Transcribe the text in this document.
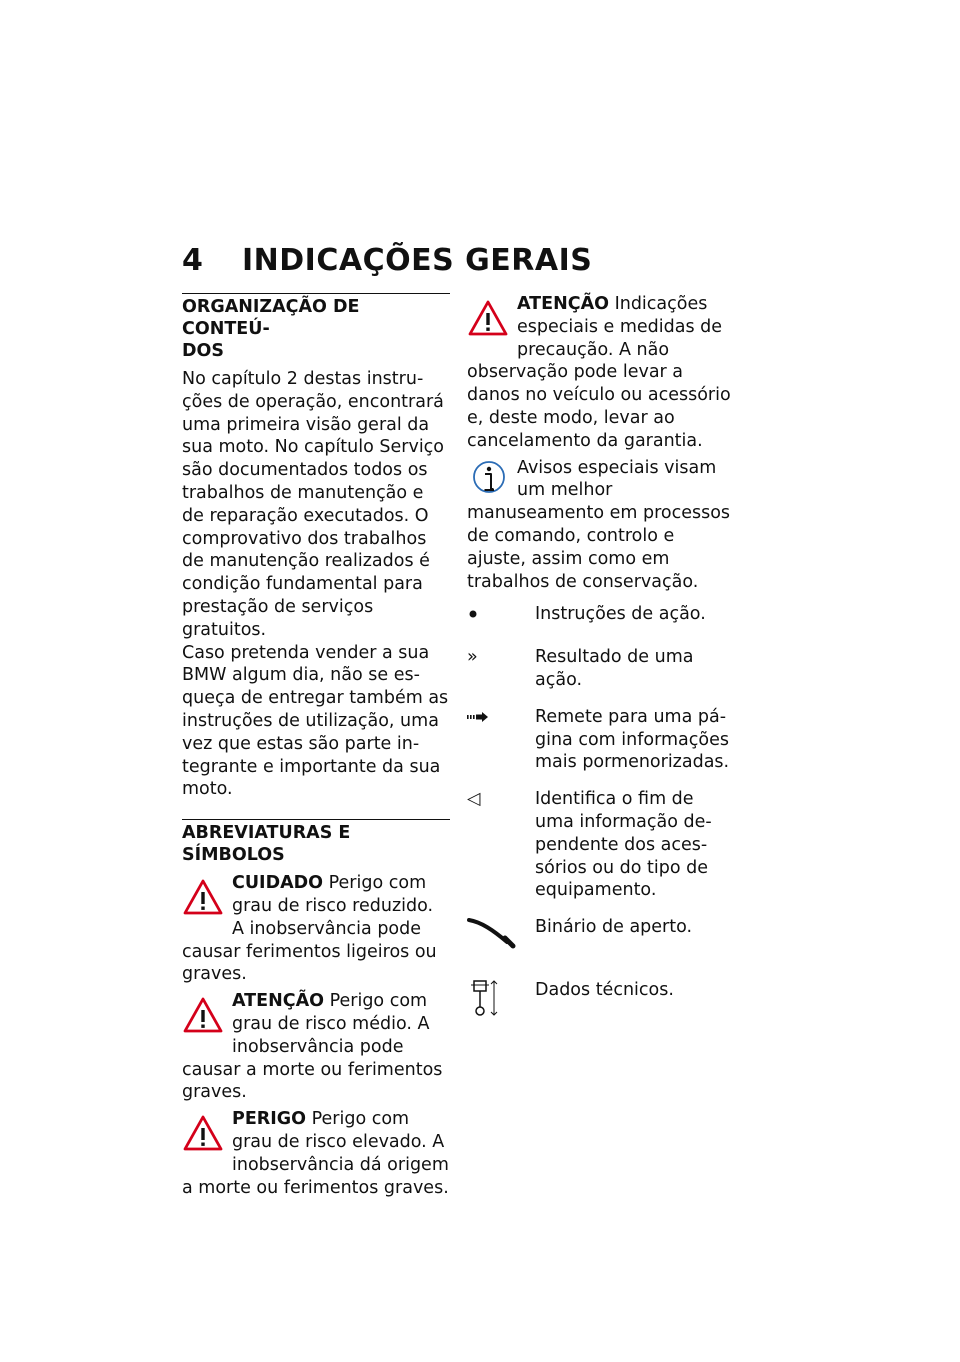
4 INDICAÇÕES GERAIS
ORGANIZAÇÃO DE CONTEÚ-
DOS

No capítulo 2 destas instruções de operação, encontrará uma primeira visão geral da sua moto. No capítulo Serviço são documentados todos os trabalhos de manutenção e de reparação executados. O comprovativo dos trabalhos de manutenção realizados é condição fundamental para prestação de serviços gratuitos.

Caso pretenda vender a sua BMW algum dia, não se esqueça de entregar também as instruções de utilização, uma vez que estas são parte integrante e importante da sua moto.

ABREVIATURAS E SÍMBOLOS
CUIDADO Perigo com grau de risco reduzido. A inobservância pode causar ferimentos ligeiros ou graves.
ATENÇÃO Perigo com grau de risco médio. A inobservância pode causar a morte ou ferimentos graves.
PERIGO Perigo com grau de risco elevado. A inobservância dá origem a morte ou ferimentos graves.
ATENÇÃO Indicações especiais e medidas de precaução. A não observação pode levar a danos no veículo ou acessório e, deste modo, levar ao cancelamento da garantia.
Avisos especiais visam um melhor manuseamento em processos de comando, controlo e ajuste, assim como em trabalhos de conservação.
Instruções de ação.
»	Resultado de uma ação.
Remete para uma página com informações mais pormenorizadas.
◁	Identifica o fim de uma informação dependente dos acessórios ou do tipo de equipamento.
Binário de aperto.
Dados técnicos.
